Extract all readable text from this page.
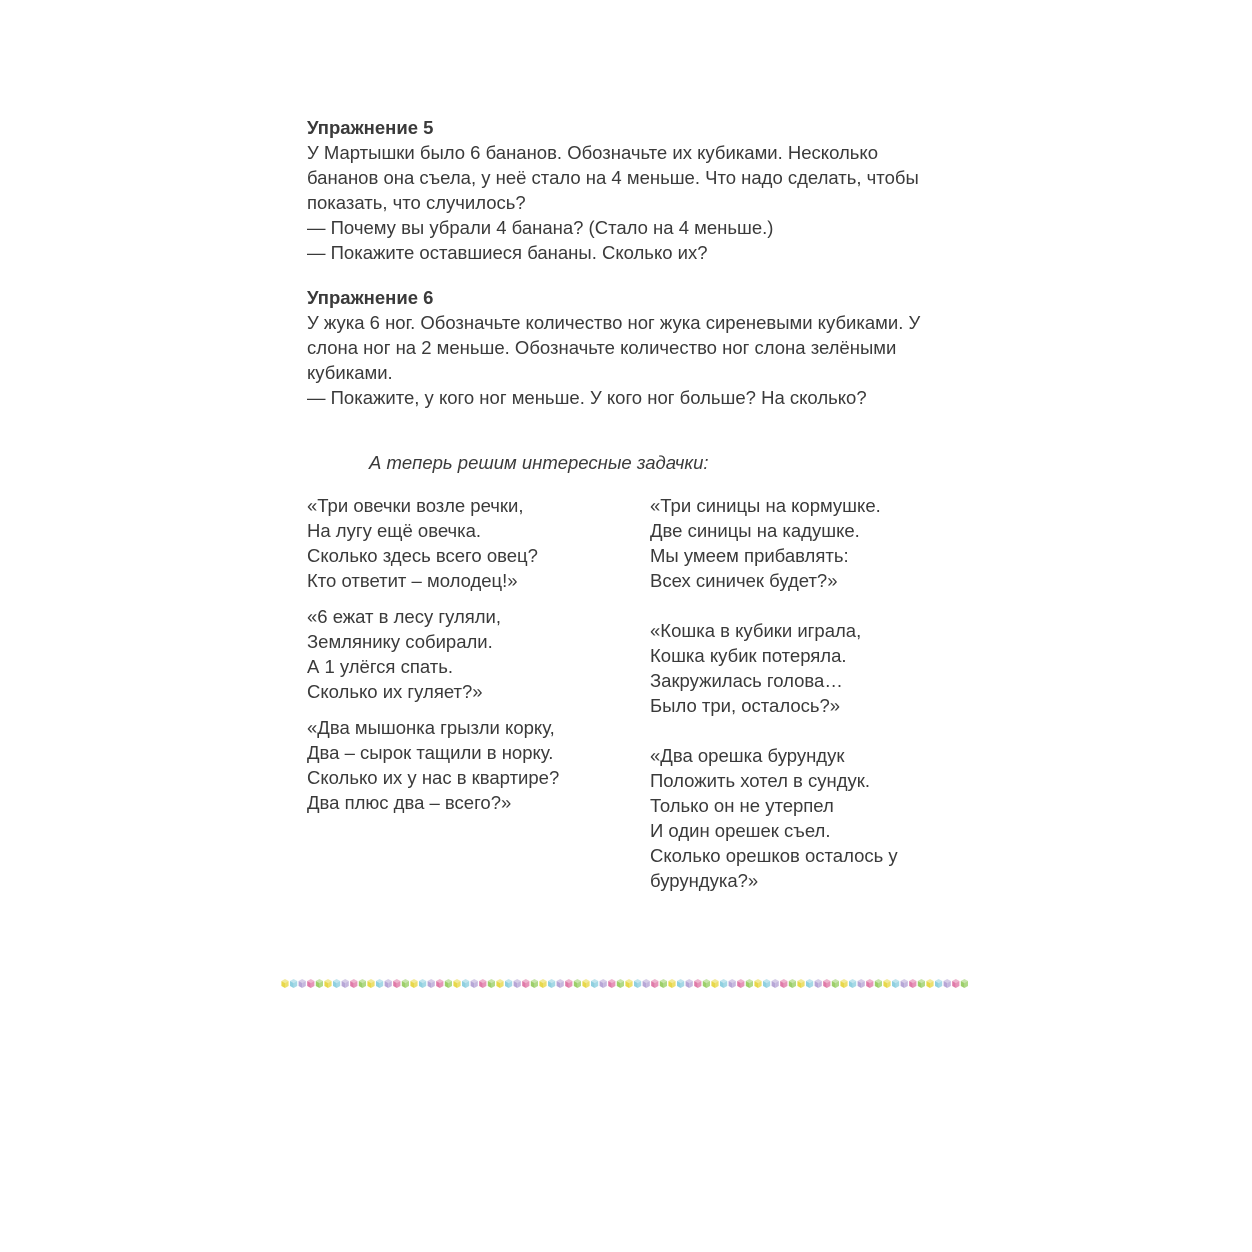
Упражнение 5
У Мартышки было 6 бананов. Обозначьте их кубиками. Несколько
бананов она съела, у неё стало на 4 меньше. Что надо сделать, чтобы
показать, что случилось?
— Почему вы убрали 4 банана? (Стало на 4 меньше.)
— Покажите оставшиеся бананы. Сколько их?
Упражнение 6
У жука 6 ног. Обозначьте количество ног жука сиреневыми кубиками. У
слона ног на 2 меньше. Обозначьте количество ног слона зелёными
кубиками.
— Покажите, у кого ног меньше. У кого ног больше? На сколько?
А теперь решим интересные задачки:
«Три овечки возле речки,
На лугу ещё овечка.
Сколько здесь всего овец?
Кто ответит – молодец!»
«6 ежат в лесу гуляли,
Землянику собирали.
А 1 улёгся спать.
Сколько их гуляет?»
«Два мышонка грызли корку,
Два – сырок тащили в норку.
Сколько их у нас в квартире?
Два плюс два – всего?»
«Три синицы на кормушке.
Две синицы на кадушке.
Мы умеем прибавлять:
Всех синичек будет?»
«Кошка в кубики играла,
Кошка кубик потеряла.
Закружилась голова…
Было три, осталось?»
«Два орешка бурундук
Положить хотел в сундук.
Только он не утерпел
И один орешек съел.
Сколько орешков осталось у
бурундука?»
